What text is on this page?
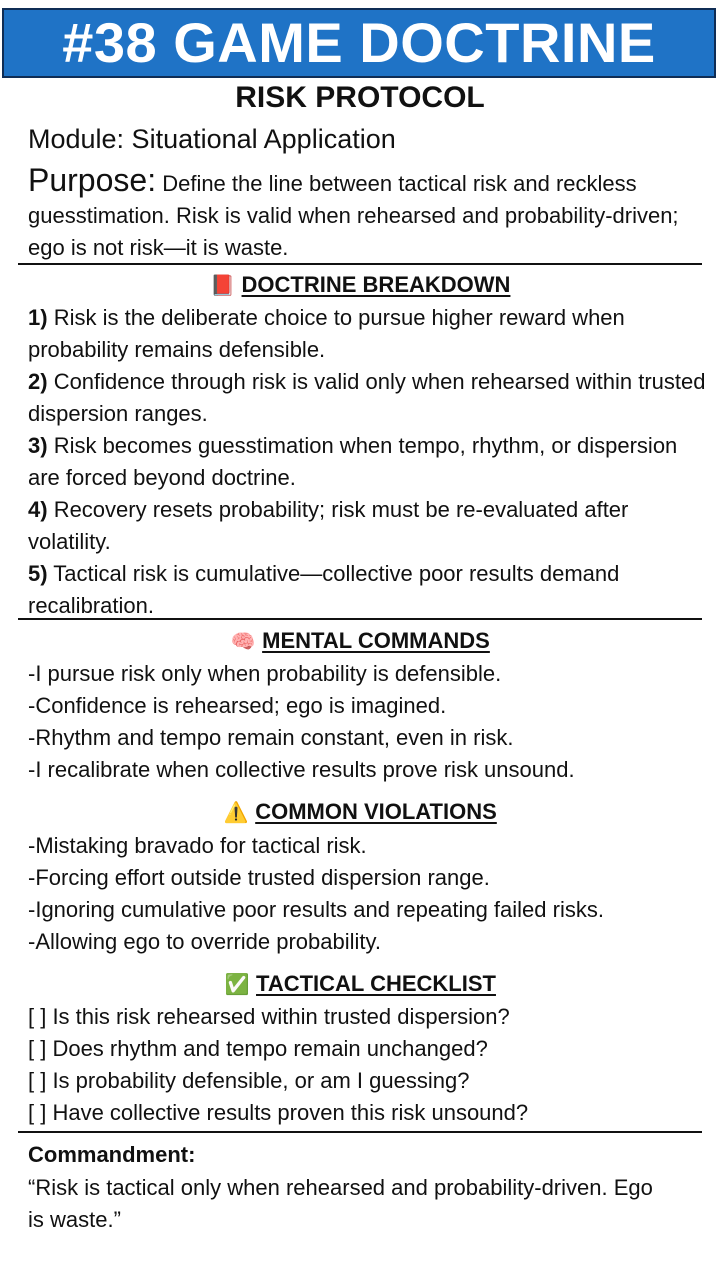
#38 GAME DOCTRINE
RISK PROTOCOL
Module: Situational Application
Purpose: Define the line between tactical risk and reckless guesstimation. Risk is valid when rehearsed and probability-driven; ego is not risk—it is waste.
📕 DOCTRINE BREAKDOWN

1) Risk is the deliberate choice to pursue higher reward when probability remains defensible.

2) Confidence through risk is valid only when rehearsed within trusted dispersion ranges.

3) Risk becomes guesstimation when tempo, rhythm, or dispersion are forced beyond doctrine.

4) Recovery resets probability; risk must be re-evaluated after volatility.

5) Tactical risk is cumulative—collective poor results demand recalibration.

🧠 MENTAL COMMANDS

-I pursue risk only when probability is defensible.

-Confidence is rehearsed; ego is imagined.

-Rhythm and tempo remain constant, even in risk.

-I recalibrate when collective results prove risk unsound.

⚠️ COMMON VIOLATIONS

-Mistaking bravado for tactical risk.

-Forcing effort outside trusted dispersion range.

-Ignoring cumulative poor results and repeating failed risks.

-Allowing ego to override probability.

✅ TACTICAL CHECKLIST

[ ] Is this risk rehearsed within trusted dispersion?

[ ] Does rhythm and tempo remain unchanged?

[ ] Is probability defensible, or am I guessing?

[ ] Have collective results proven this risk unsound?

Commandment:
“Risk is tactical only when rehearsed and probability-driven. Ego is waste.”
